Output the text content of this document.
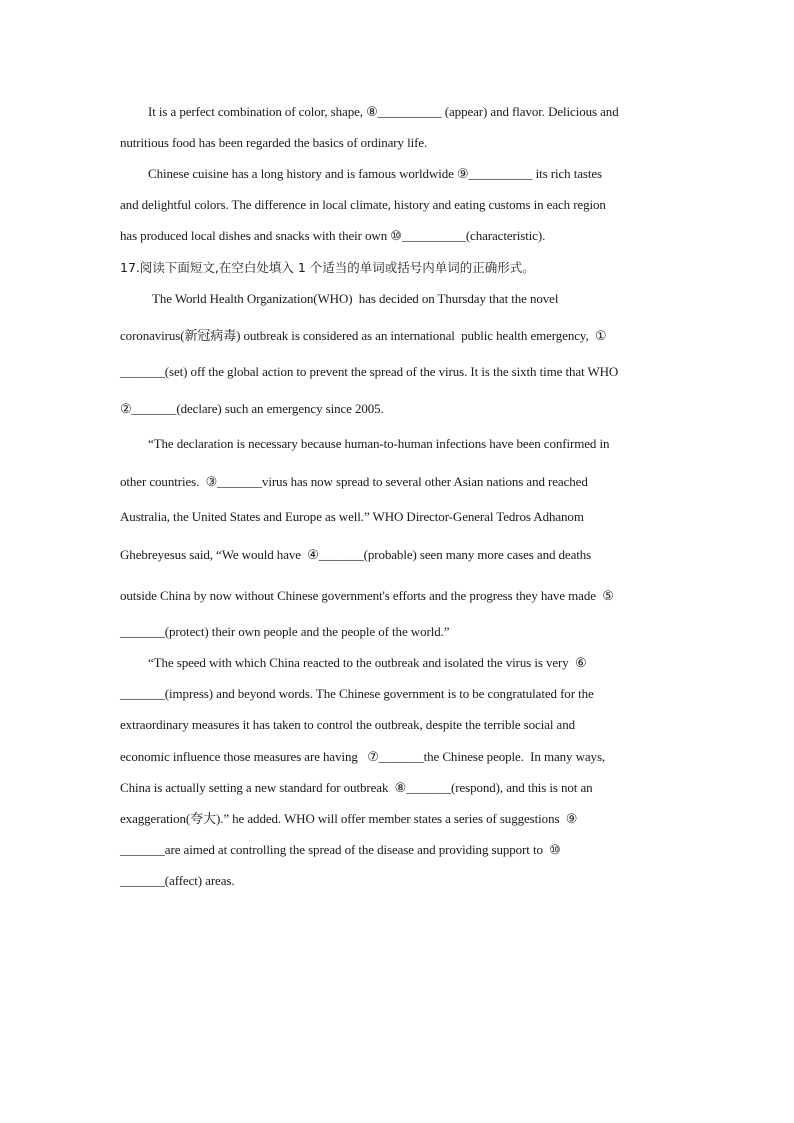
It is a perfect combination of color, shape, ⑧__________ (appear) and flavor. Delicious and
nutritious food has been regarded the basics of ordinary life.
Chinese cuisine has a long history and is famous worldwide ⑨__________ its rich tastes
and delightful colors. The difference in local climate, history and eating customs in each region
has produced local dishes and snacks with their own ⑩__________(characteristic).
17.阅读下面短文,在空白处填入 1 个适当的单词或括号内单词的正确形式。
The World Health Organization(WHO)  has decided on Thursday that the novel
coronavirus(新冠病毒) outbreak is considered as an international  public health emergency,  ①
_______(set) off the global action to prevent the spread of the virus. It is the sixth time that WHO
②_______(declare) such an emergency since 2005.
“The declaration is necessary because human-to-human infections have been confirmed in
other countries.  ③_______virus has now spread to several other Asian nations and reached
Australia, the United States and Europe as well.” WHO Director-General Tedros Adhanom
Ghebreyesus said, “We would have  ④_______(probable) seen many more cases and deaths
outside China by now without Chinese government's efforts and the progress they have made  ⑤
_______(protect) their own people and the people of the world.”
“The speed with which China reacted to the outbreak and isolated the virus is very  ⑥
_______(impress) and beyond words. The Chinese government is to be congratulated for the
extraordinary measures it has taken to control the outbreak, despite the terrible social and
economic influence those measures are having   ⑦_______the Chinese people.  In many ways,
China is actually setting a new standard for outbreak  ⑧_______(respond), and this is not an
exaggeration(夸大).” he added. WHO will offer member states a series of suggestions  ⑨
_______are aimed at controlling the spread of the disease and providing support to  ⑩
_______(affect) areas.
